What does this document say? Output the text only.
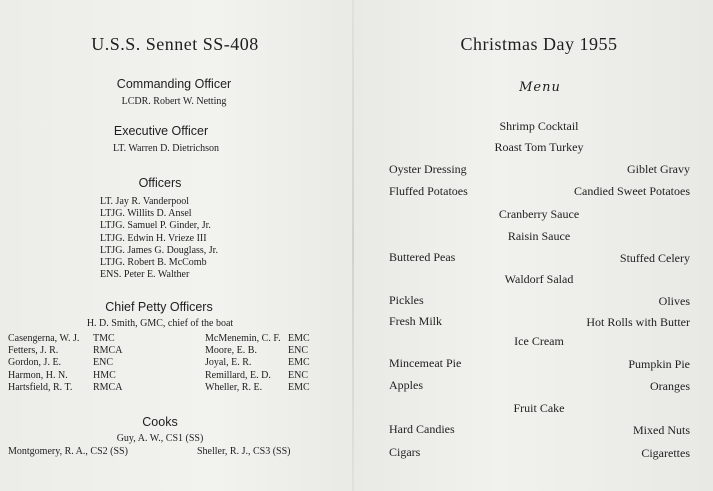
U.S.S. Sennet SS-408
Commanding Officer
LCDR. Robert W. Netting
Executive Officer
LT. Warren D. Dietrichson
Officers
LT. Jay R. Vanderpool
LTJG. Willits D. Ansel
LTJG. Samuel P. Ginder, Jr.
LTJG. Edwin H. Vrieze III
LTJG. James G. Douglass, Jr.
LTJG. Robert B. McComb
ENS. Peter E. Walther
Chief Petty Officers
H. D. Smith, GMC, chief of the boat
Casengerna, W. J. TMC	McMenemin, C. F. EMC
Fetters, J. R.	RMCA	Moore, E. B.	ENC
Gordon, J. E.	ENC	Joyal, E. R.	EMC
Harmon, H. N.	HMC	Remillard, E. D. ENC
Hartsfield, R. T. RMCA	Wheller, R. E.	EMC
Cooks
Guy, A. W., CS1 (SS)
Montgomery, R. A., CS2 (SS)	Sheller, R. J., CS3 (SS)
Christmas Day 1955
Menu
Shrimp Cocktail
Roast Tom Turkey
Oyster Dressing	Giblet Gravy
Fluffed Potatoes	Candied Sweet Potatoes
Cranberry Sauce
Raisin Sauce
Buttered Peas	Stuffed Celery
Waldorf Salad
Pickles	Olives
Fresh Milk	Hot Rolls with Butter
Ice Cream
Mincemeat Pie	Pumpkin Pie
Apples	Oranges
Fruit Cake
Hard Candies	Mixed Nuts
Cigars	Cigarettes
